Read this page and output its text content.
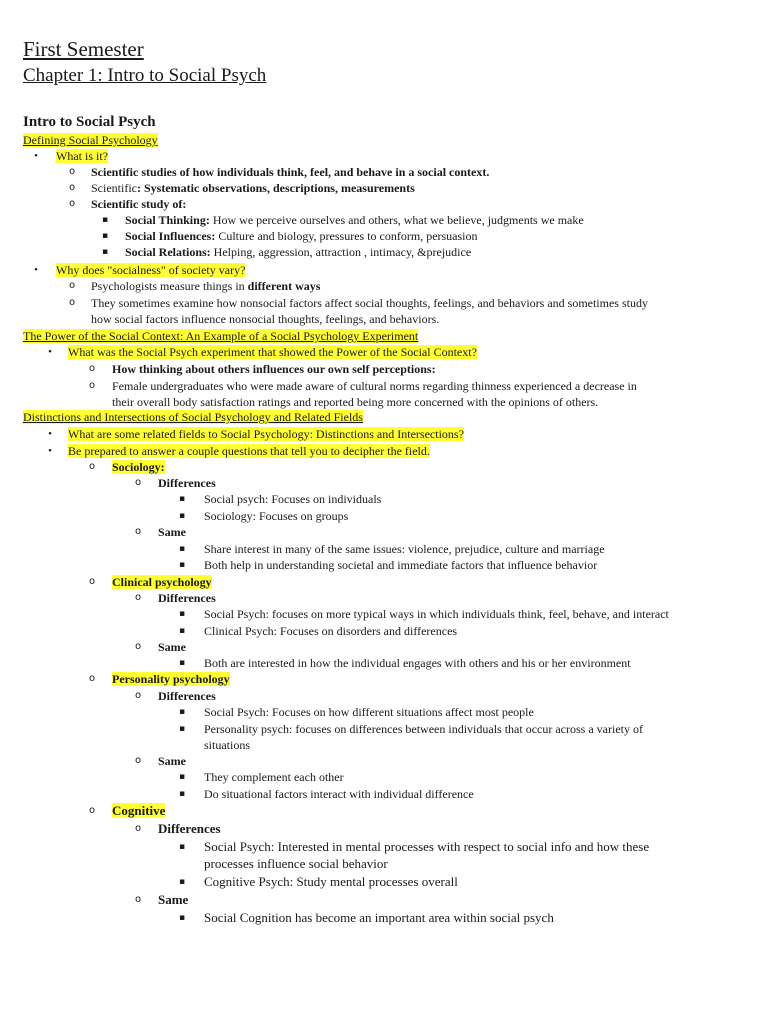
First Semester
Chapter 1: Intro to Social Psych
Intro to Social Psych
Defining Social Psychology
•	What is it?
o	Scientific studies of how individuals think, feel, and behave in a social context.
o	Scientific: Systematic observations, descriptions, measurements
o	Scientific study of:
▪	Social Thinking: How we perceive ourselves and others, what we believe, judgments we make
▪	Social Influences: Culture and biology, pressures to conform, persuasion
▪	Social Relations: Helping, aggression, attraction , intimacy, &prejudice
•	Why does "socialness" of society vary?
o	Psychologists measure things in different ways
o	They sometimes examine how nonsocial factors affect social thoughts, feelings, and behaviors and sometimes study
how social factors influence nonsocial thoughts, feelings, and behaviors.
The Power of the Social Context: An Example of a Social Psychology Experiment
•	What was the Social Psych experiment that showed the Power of the Social Context?
o	How thinking about others influences our own self perceptions:
o	Female undergraduates who were made aware of cultural norms regarding thinness experienced a decrease in
their overall body satisfaction ratings and reported being more concerned with the opinions of others.
Distinctions and Intersections of Social Psychology and Related Fields
•	What are some related fields to Social Psychology: Distinctions and Intersections?
•	Be prepared to answer a couple questions that tell you to decipher the field.
o	Sociology:
o	Differences
▪	Social psych: Focuses on individuals
▪	Sociology: Focuses on groups
o	Same
▪	Share interest in many of the same issues: violence, prejudice, culture and marriage
▪	Both help in understanding societal and immediate factors that influence behavior
o	Clinical psychology
o	Differences
▪	Social Psych: focuses on more typical ways in which individuals think, feel, behave, and interact
▪	Clinical Psych: Focuses on disorders and differences
o	Same
▪	Both are interested in how the individual engages with others and his or her environment
o	Personality psychology
o	Differences
▪	Social Psych: Focuses on how different situations affect most people
▪	Personality psych: focuses on differences between individuals that occur across a variety of
situations
o	Same
▪	They complement each other
▪	Do situational factors interact with individual difference
o	Cognitive
o	Differences
▪	Social Psych: Interested in mental processes with respect to social info and how these
processes influence social behavior
▪	Cognitive Psych: Study mental processes overall
o	Same
▪	Social Cognition has become an important area within social psych
